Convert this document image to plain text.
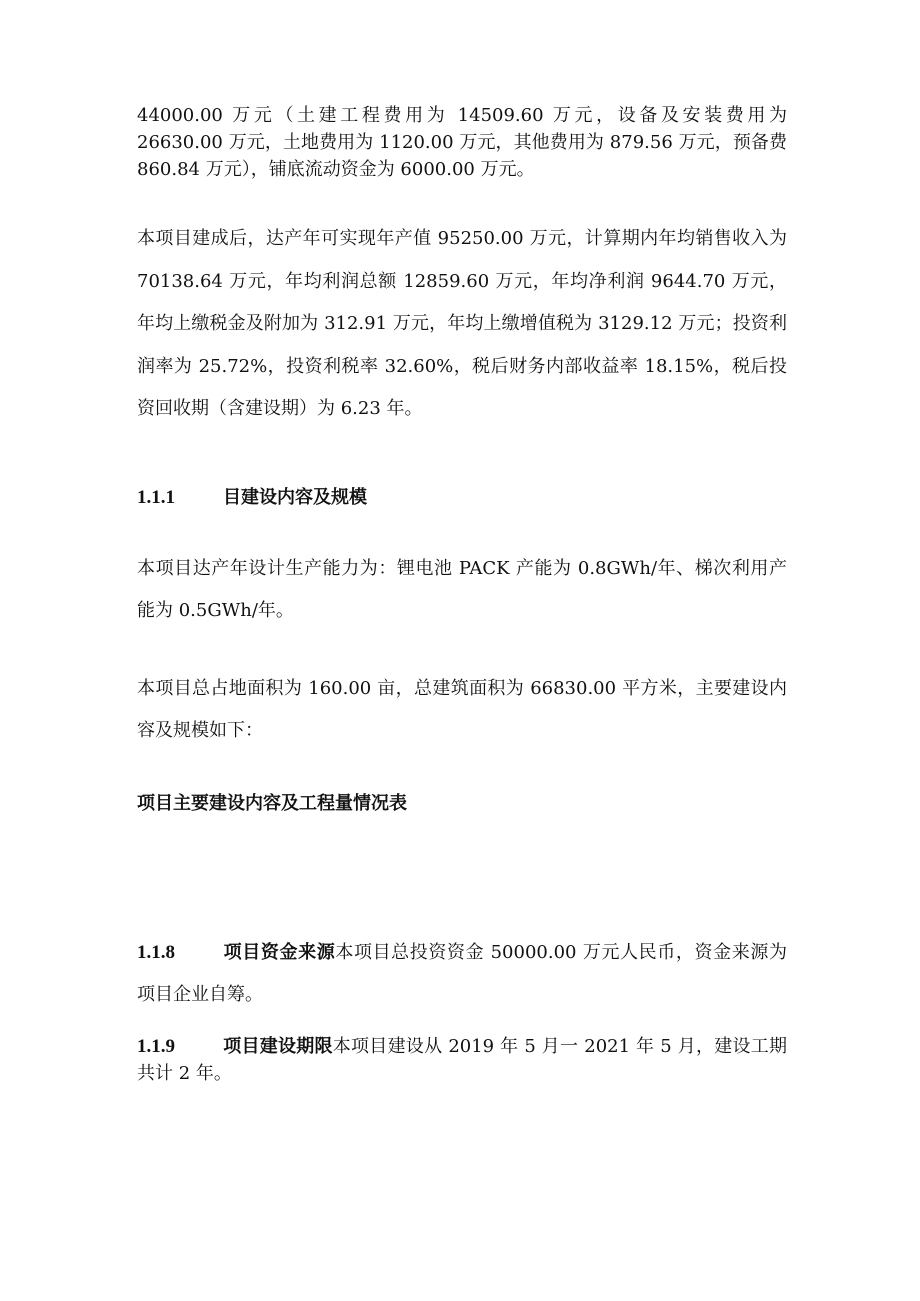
44000.00 万元（土建工程费用为 14509.60 万元，设备及安装费用为 26630.00 万元，土地费用为 1120.00 万元，其他费用为 879.56 万元，预备费 860.84 万元），铺底流动资金为 6000.00 万元。

本项目建成后，达产年可实现年产值 95250.00 万元，计算期内年均销售收入为 70138.64 万元，年均利润总额 12859.60 万元，年均净利润 9644.70 万元，年均上缴税金及附加为 312.91 万元，年均上缴增值税为 3129.12 万元；投资利润率为 25.72%，投资利税率 32.60%，税后财务内部收益率 18.15%，税后投资回收期（含建设期）为 6.23 年。

1.1.1	目建设内容及规模

本项目达产年设计生产能力为：锂电池 PACK 产能为 0.8GWh/年、梯次利用产能为 0.5GWh/年。

本项目总占地面积为 160.00 亩，总建筑面积为 66830.00 平方米，主要建设内容及规模如下：

项目主要建设内容及工程量情况表

1.1.8	项目资金来源本项目总投资资金 50000.00 万元人民币，资金来源为项目企业自筹。

1.1.9	项目建设期限本项目建设从 2019 年 5 月一 2021 年 5 月，建设工期共计 2 年。
